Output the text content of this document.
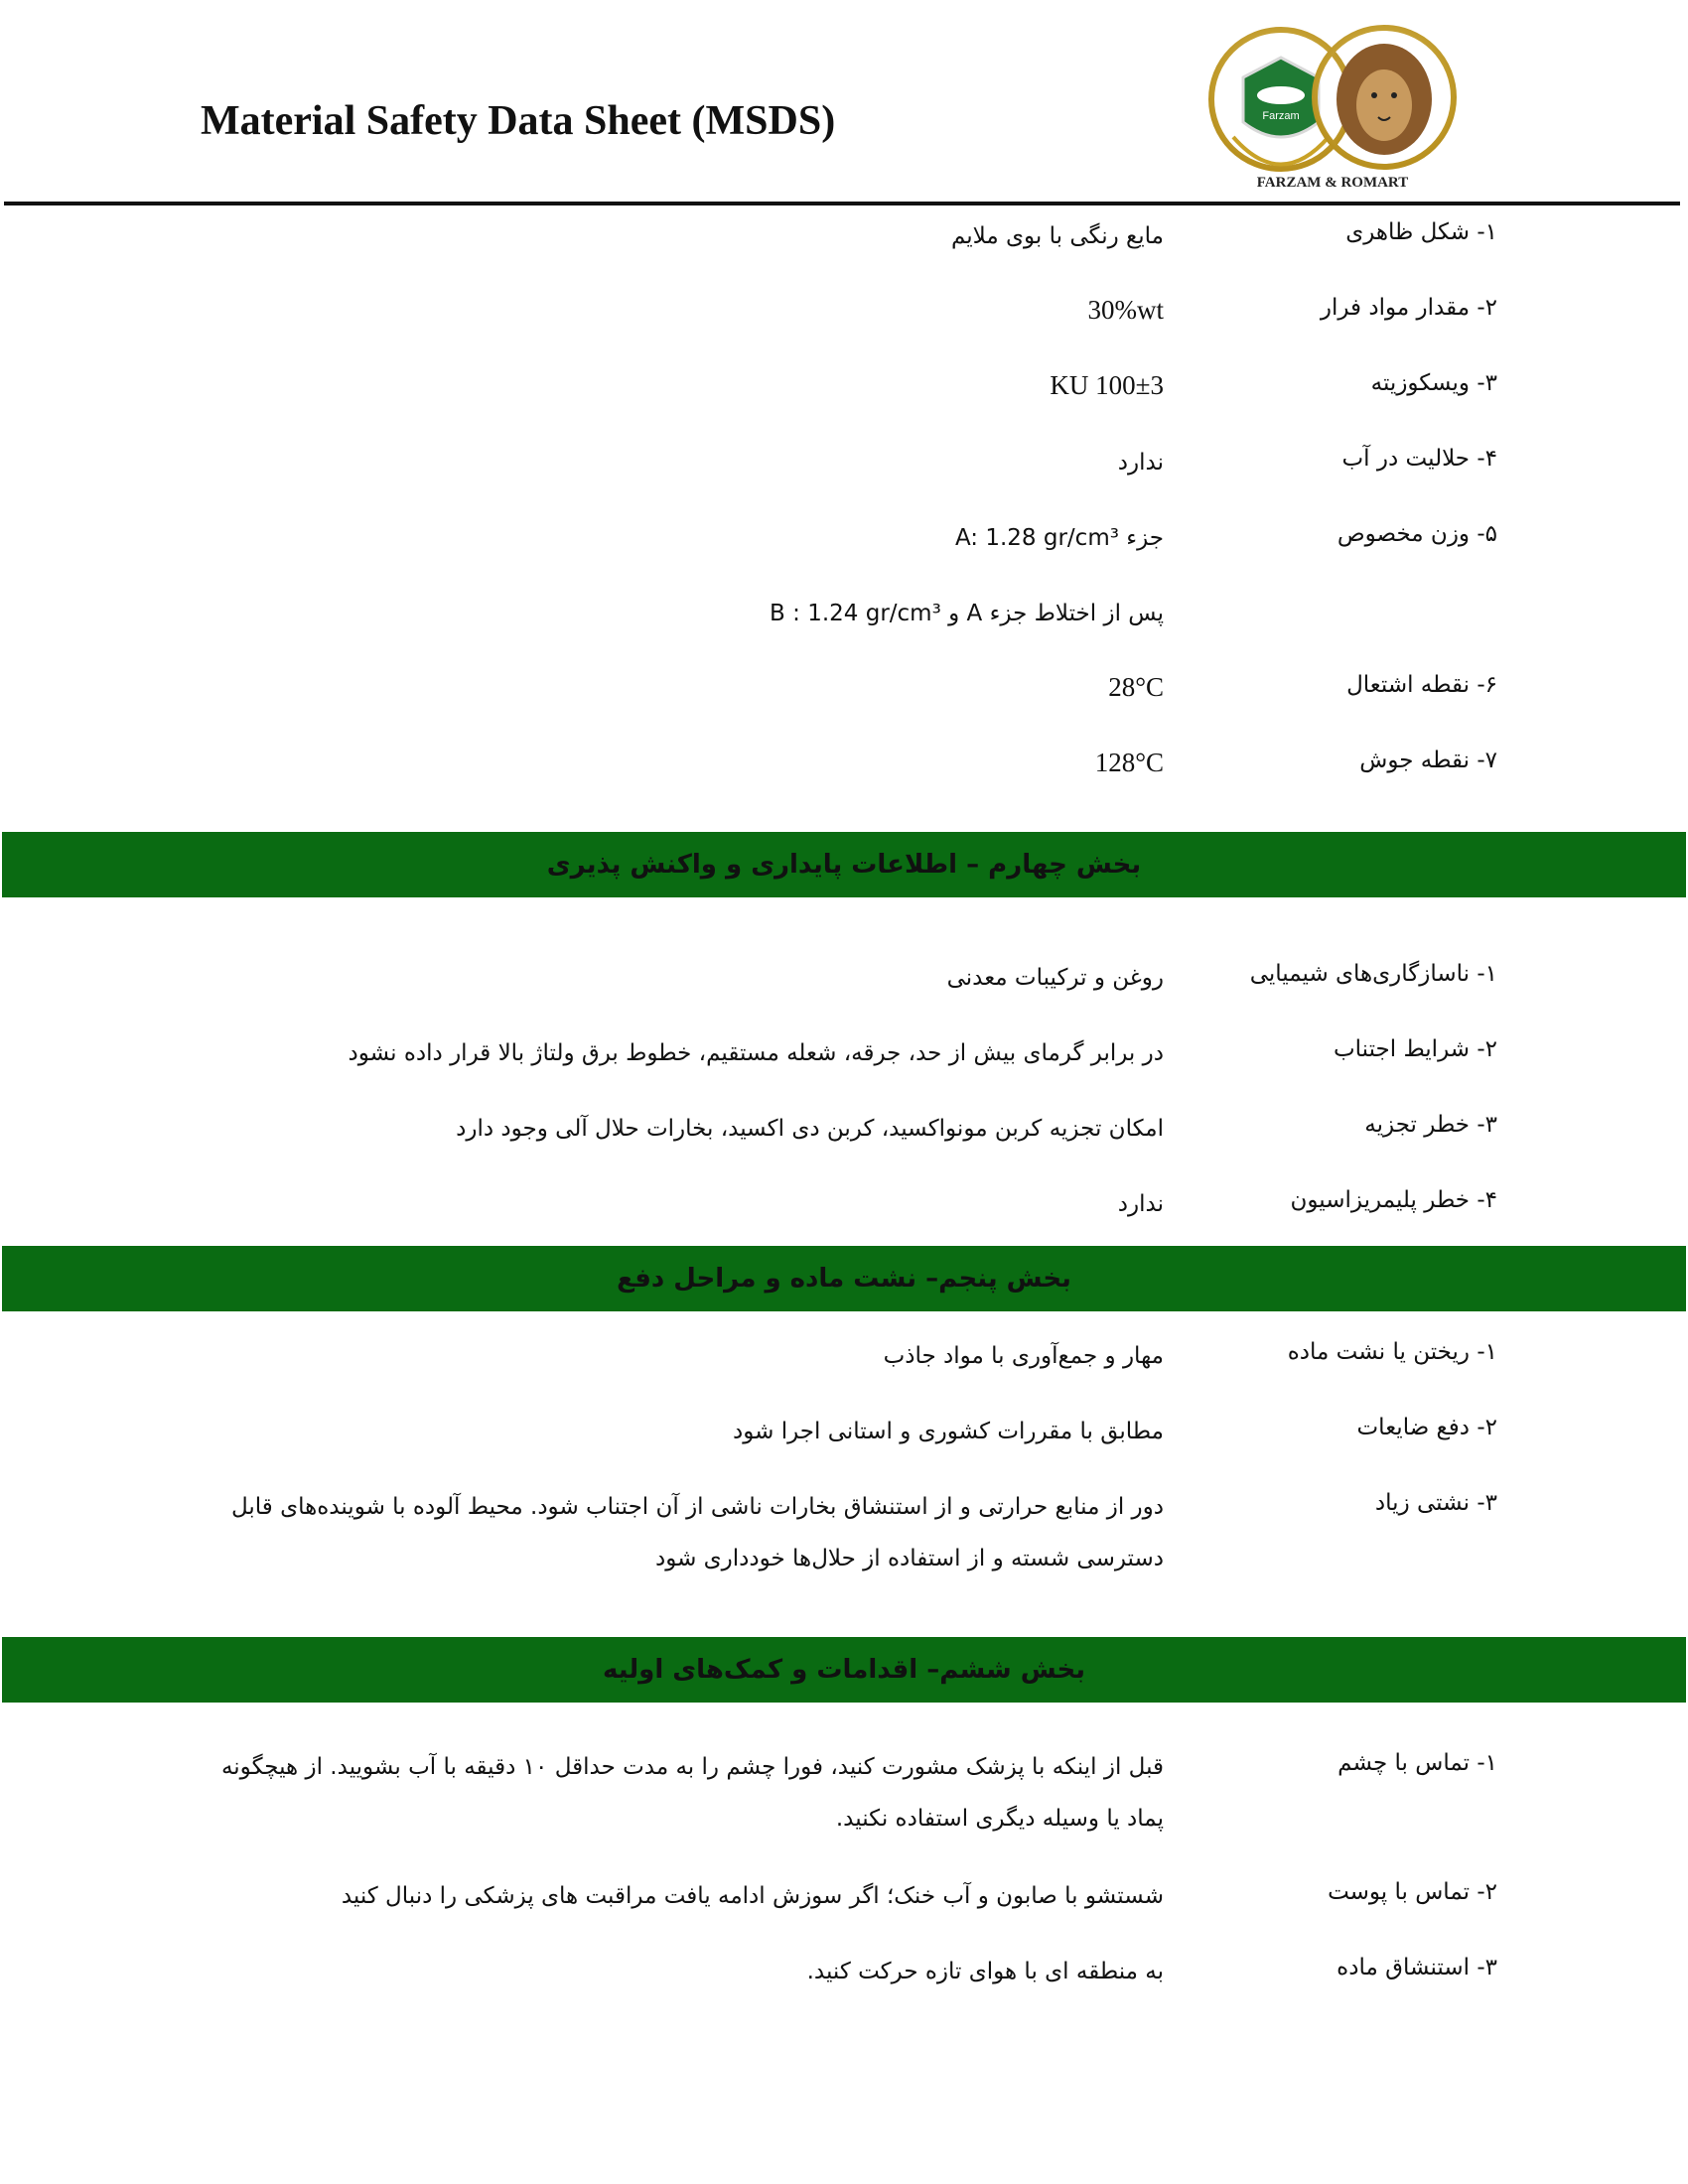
Material Safety Data Sheet (MSDS)	Farzam
FARZAM & ROMART
۱- شکل ظاهری
مایع رنگی با بوی ملایم
۲- مقدار مواد فرار
30%wt
۳- ویسکوزیته
100±3 KU
۴- حلالیت در آب
ندارد
۵- وزن مخصوص
جزء A: 1.28 gr/cm³
پس از اختلاط جزء A و B : 1.24 gr/cm³
۶- نقطه اشتعال
28°C
۷- نقطه جوش
128°C
بخش چهارم – اطلاعات پایداری و واکنش پذیری
۱- ناسازگاری‌های شیمیایی
روغن و ترکیبات معدنی
۲- شرایط اجتناب
در برابر گرمای بیش از حد، جرقه، شعله مستقیم، خطوط برق ولتاژ بالا قرار داده نشود
۳- خطر تجزیه
امکان تجزیه کربن مونواکسید، کربن دی اکسید، بخارات حلال آلی وجود دارد
۴- خطر پلیمریزاسیون
ندارد
بخش پنجم– نشت ماده و مراحل دفع
۱- ریختن یا نشت ماده
مهار و جمع‌آوری با مواد جاذب
۲- دفع ضایعات
مطابق با مقررات کشوری و استانی اجرا شود
۳- نشتی زیاد
دور از منابع حرارتی و از استنشاق بخارات ناشی از آن اجتناب شود. محیط آلوده با شوینده‌های قابل دسترسی شسته و از استفاده از حلال‌ها خودداری شود
بخش ششم– اقدامات و کمک‌های اولیه
۱- تماس با چشم
قبل از اینکه با پزشک مشورت کنید، فورا چشم را به مدت حداقل ۱۰ دقیقه با آب بشویید. از هیچگونه پماد یا وسیله دیگری استفاده نکنید.
۲- تماس با پوست
شستشو با صابون و آب خنک؛ اگر سوزش ادامه یافت مراقبت های پزشکی را دنبال کنید
۳- استنشاق ماده
به منطقه ای با هوای تازه حرکت کنید.
